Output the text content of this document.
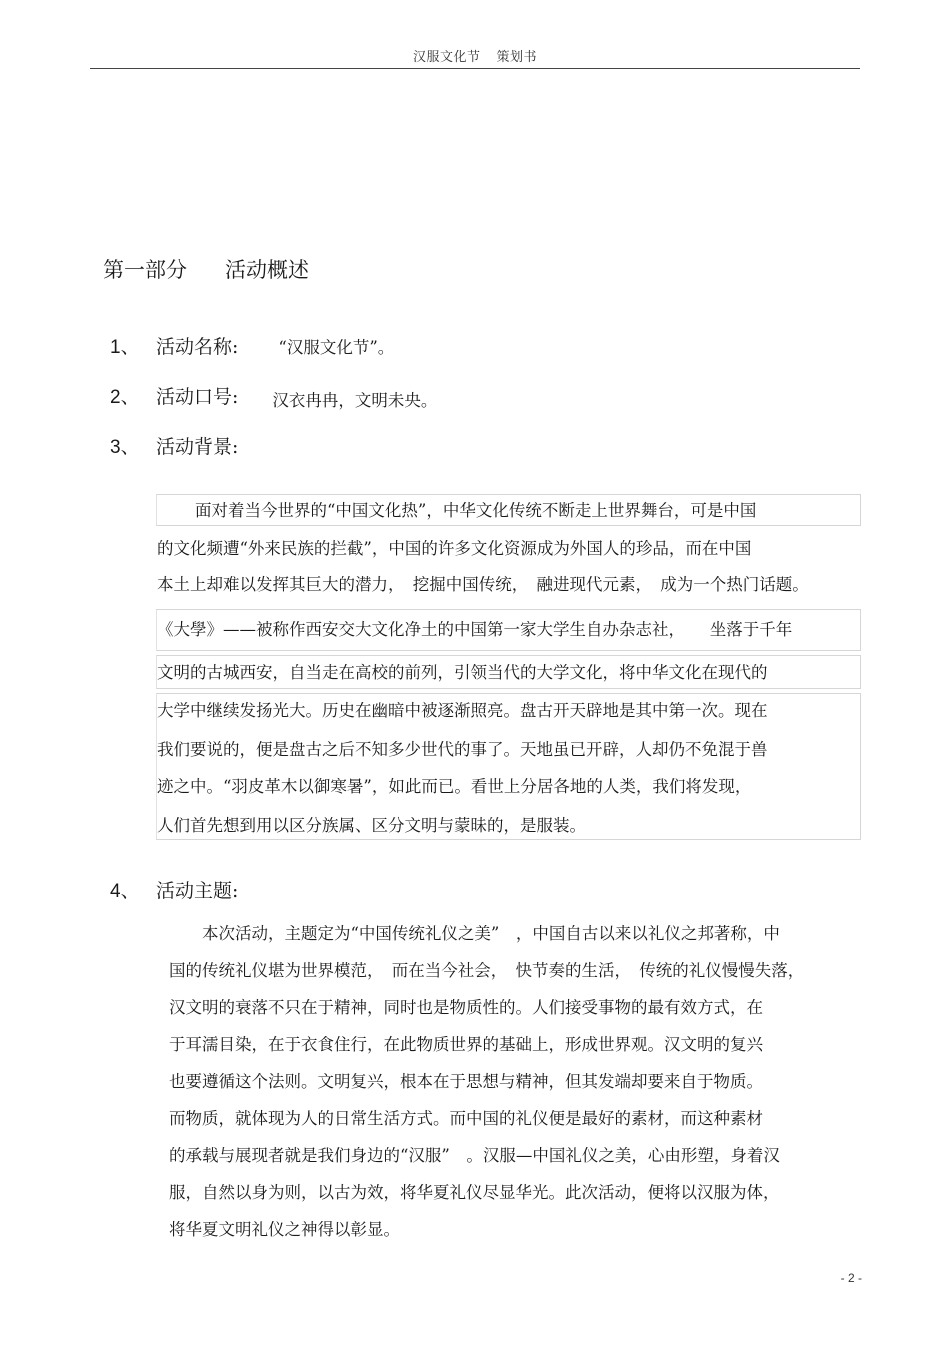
汉服文化节 策划书
第一部分 活动概述
1、 活动名称: “汉服文化节”。
2、 活动口号: 汉衣冉冉，文明未央。
3、 活动背景:
面对着当今世界的“中国文化热”，中华文化传统不断走上世界舞台，可是中国
的文化频遭“外来民族的拦截”，中国的许多文化资源成为外国人的珍品，而在中国
本土上却难以发挥其巨大的潜力，　挖掘中国传统，　融进现代元素，　成为一个热门话题。
《大學》——被称作西安交大文化净土的中国第一家大学生自办杂志社，　　坐落于千年
文明的古城西安，自当走在高校的前列，引领当代的大学文化，将中华文化在现代的
大学中继续发扬光大。历史在幽暗中被逐渐照亮。盘古开天辟地是其中第一次。现在
我们要说的，便是盘古之后不知多少世代的事了。天地虽已开辟，人却仍不免混于兽
迹之中。“羽皮革木以御寒暑”，如此而已。看世上分居各地的人类，我们将发现，
人们首先想到用以区分族属、区分文明与蒙昧的，是服装。
4、 活动主题:
本次活动，主题定为“中国传统礼仪之美”　，中国自古以来以礼仪之邦著称，中
国的传统礼仪堪为世界模范，　而在当今社会，　快节奏的生活，　传统的礼仪慢慢失落，
汉文明的衰落不只在于精神，同时也是物质性的。人们接受事物的最有效方式，在
于耳濡目染，在于衣食住行，在此物质世界的基础上，形成世界观。汉文明的复兴
也要遵循这个法则。文明复兴，根本在于思想与精神，但其发端却要来自于物质。
而物质，就体现为人的日常生活方式。而中国的礼仪便是最好的素材，而这种素材
的承载与展现者就是我们身边的“汉服”　。汉服—中国礼仪之美，心由形塑，身着汉
服，自然以身为则，以古为效，将华夏礼仪尽显华光。此次活动，便将以汉服为体，
将华夏文明礼仪之神得以彰显。
- 2 -
